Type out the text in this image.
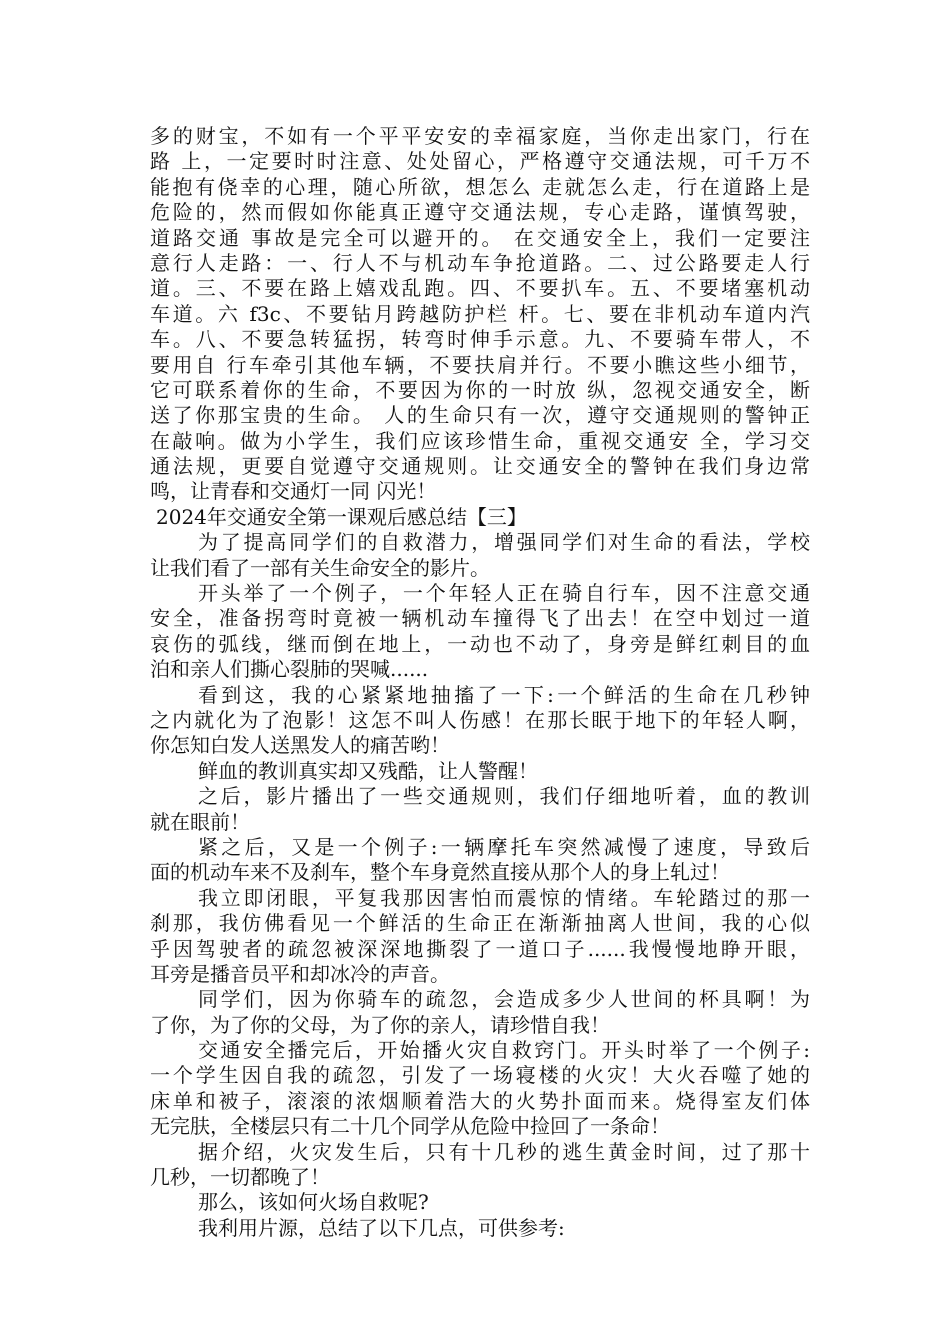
多的财宝，不如有一个平平安安的幸福家庭，当你走出家门，行在
路 上，一定要时时注意、处处留心，严格遵守交通法规，可千万不
能抱有侥幸的心理，随心所欲，想怎么 走就怎么走，行在道路上是
危险的，然而假如你能真正遵守交通法规，专心走路，谨慎驾驶，
道路交通 事故是完全可以避开的。 在交通安全上，我们一定要注
意行人走路：一、行人不与机动车争抢道路。二、过公路要走人行
道。三、不要在路上嬉戏乱跑。四、不要扒车。五、不要堵塞机动
车道。六 f3c、不要钻月跨越防护栏 杆。七、要在非机动车道内汽
车。八、不要急转猛拐，转弯时伸手示意。九、不要骑车带人，不
要用自 行车牵引其他车辆，不要扶肩并行。不要小瞧这些小细节，
它可联系着你的生命，不要因为你的一时放 纵，忽视交通安全，断
送了你那宝贵的生命。 人的生命只有一次，遵守交通规则的警钟正
在敲响。做为小学生，我们应该珍惜生命，重视交通安 全，学习交
通法规，更要自觉遵守交通规则。让交通安全的警钟在我们身边常
鸣，让青春和交通灯一同 闪光！
2024年交通安全第一课观后感总结【三】
为了提高同学们的自救潜力，增强同学们对生命的看法，学校
让我们看了一部有关生命安全的影片。
开头举了一个例子，一个年轻人正在骑自行车，因不注意交通
安全，准备拐弯时竟被一辆机动车撞得飞了出去！在空中划过一道
哀伤的弧线，继而倒在地上，一动也不动了，身旁是鲜红刺目的血
泊和亲人们撕心裂肺的哭喊......
看到这，我的心紧紧地抽搐了一下:一个鲜活的生命在几秒钟
之内就化为了泡影！这怎不叫人伤感！在那长眠于地下的年轻人啊，
你怎知白发人送黑发人的痛苦哟！
鲜血的教训真实却又残酷，让人警醒！
之后，影片播出了一些交通规则，我们仔细地听着，血的教训
就在眼前！
紧之后，又是一个例子:一辆摩托车突然减慢了速度，导致后
面的机动车来不及刹车，整个车身竟然直接从那个人的身上轧过！
我立即闭眼，平复我那因害怕而震惊的情绪。车轮踏过的那一
刹那，我仿佛看见一个鲜活的生命正在渐渐抽离人世间，我的心似
乎因驾驶者的疏忽被深深地撕裂了一道口子......我慢慢地睁开眼，
耳旁是播音员平和却冰冷的声音。
同学们，因为你骑车的疏忽，会造成多少人世间的杯具啊！为
了你，为了你的父母，为了你的亲人，请珍惜自我！
交通安全播完后，开始播火灾自救窍门。开头时举了一个例子:
一个学生因自我的疏忽，引发了一场寝楼的火灾！大火吞噬了她的
床单和被子，滚滚的浓烟顺着浩大的火势扑面而来。烧得室友们体
无完肤，全楼层只有二十几个同学从危险中捡回了一条命！
据介绍，火灾发生后，只有十几秒的逃生黄金时间，过了那十
几秒，一切都晚了！
那么，该如何火场自救呢?
我利用片源，总结了以下几点，可供参考:
